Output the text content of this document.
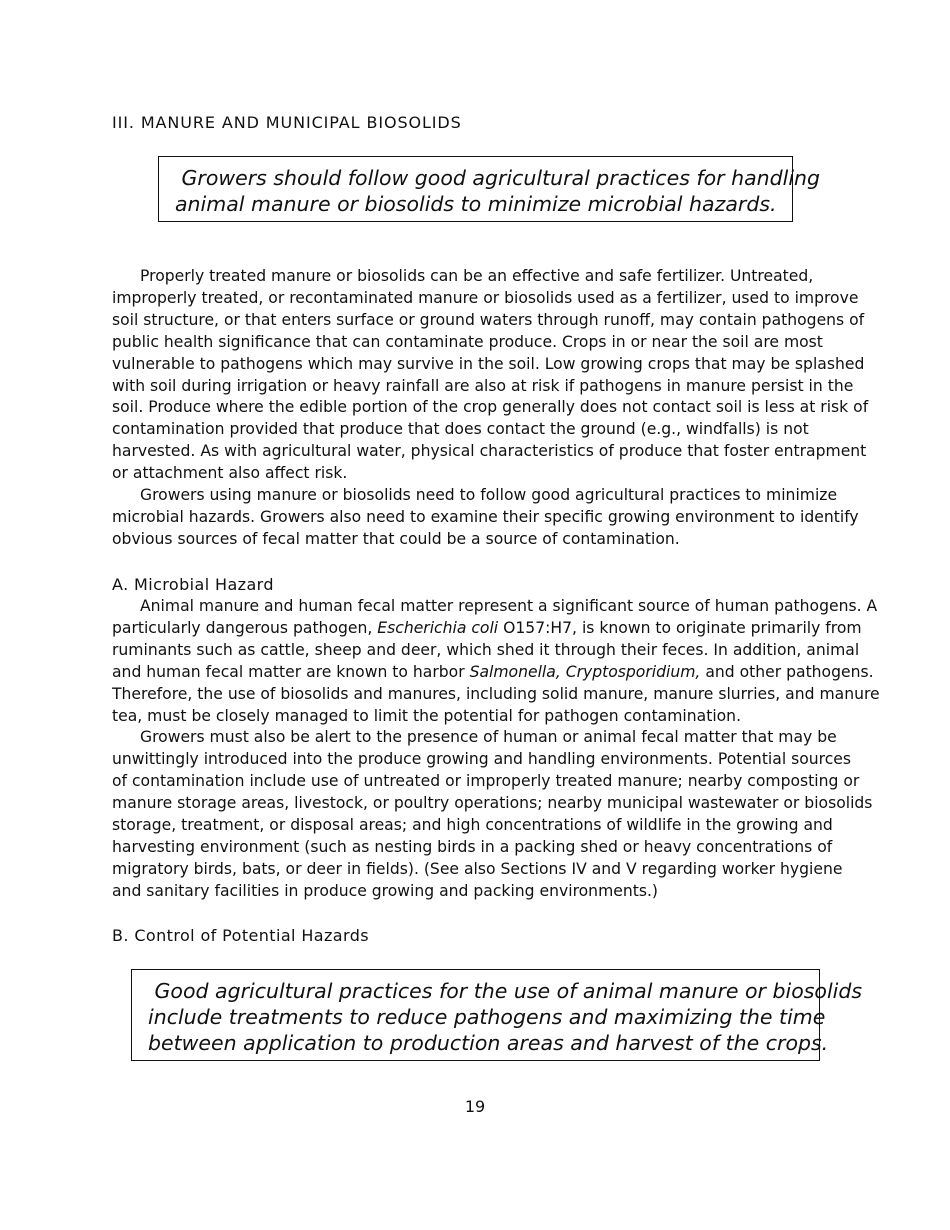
III. MANURE AND MUNICIPAL BIOSOLIDS
Growers should follow good agricultural practices for handling
animal manure or biosolids to minimize microbial hazards.
Properly treated manure or biosolids can be an effective and safe fertilizer. Untreated,
improperly treated, or recontaminated manure or biosolids used as a fertilizer, used to improve
soil structure, or that enters surface or ground waters through runoff, may contain pathogens of
public health significance that can contaminate produce. Crops in or near the soil are most
vulnerable to pathogens which may survive in the soil. Low growing crops that may be splashed
with soil during irrigation or heavy rainfall are also at risk if pathogens in manure persist in the
soil. Produce where the edible portion of the crop generally does not contact soil is less at risk of
contamination provided that produce that does contact the ground (e.g., windfalls) is not
harvested. As with agricultural water, physical characteristics of produce that foster entrapment
or attachment also affect risk.
Growers using manure or biosolids need to follow good agricultural practices to minimize
microbial hazards. Growers also need to examine their specific growing environment to identify
obvious sources of fecal matter that could be a source of contamination.
A. Microbial Hazard
Animal manure and human fecal matter represent a significant source of human pathogens. A
particularly dangerous pathogen, Escherichia coli O157:H7, is known to originate primarily from
ruminants such as cattle, sheep and deer, which shed it through their feces. In addition, animal
and human fecal matter are known to harbor Salmonella, Cryptosporidium, and other pathogens.
Therefore, the use of biosolids and manures, including solid manure, manure slurries, and manure
tea, must be closely managed to limit the potential for pathogen contamination.
Growers must also be alert to the presence of human or animal fecal matter that may be
unwittingly introduced into the produce growing and handling environments. Potential sources
of contamination include use of untreated or improperly treated manure; nearby composting or
manure storage areas, livestock, or poultry operations; nearby municipal wastewater or biosolids
storage, treatment, or disposal areas; and high concentrations of wildlife in the growing and
harvesting environment (such as nesting birds in a packing shed or heavy concentrations of
migratory birds, bats, or deer in fields). (See also Sections IV and V regarding worker hygiene
and sanitary facilities in produce growing and packing environments.)
B. Control of Potential Hazards
Good agricultural practices for the use of animal manure or biosolids
include treatments to reduce pathogens and maximizing the time
between application to production areas and harvest of the crops.
19
